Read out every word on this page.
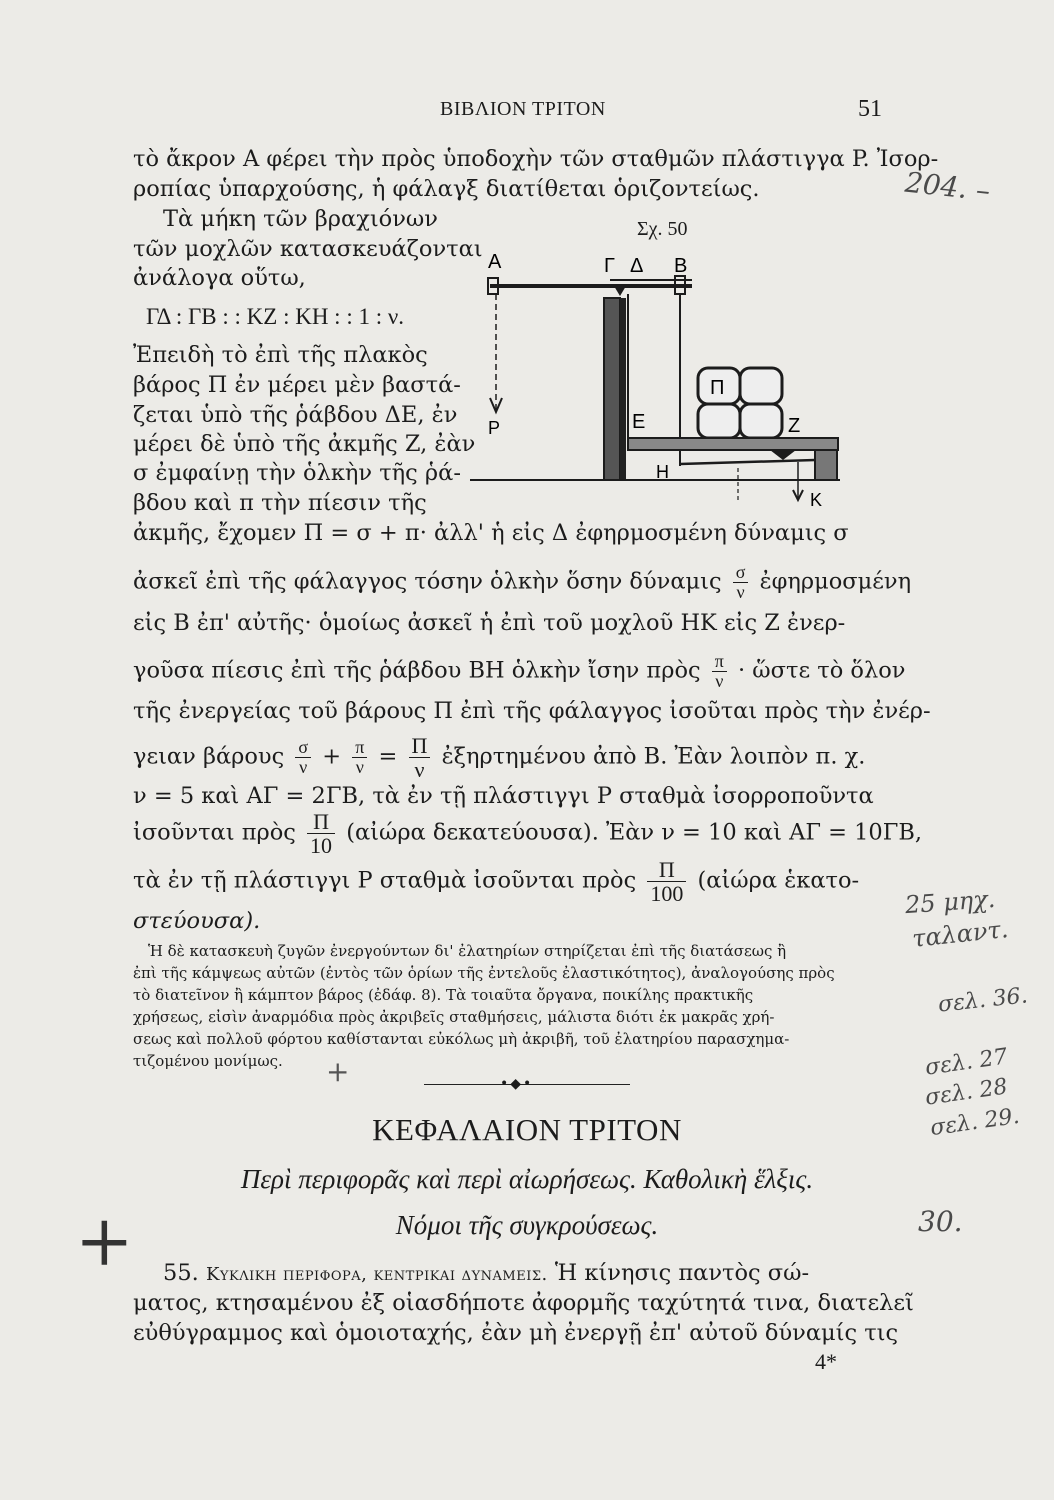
ΒΙΒΛΙΟΝ ΤΡΙΤΟΝ	51
τὸ ἄκρον A φέρει τὴν πρὸς ὑποδοχὴν τῶν σταθμῶν πλάστιγγα P. Ἰσορ-
ροπίας ὑπαρχούσης, ἡ φάλαγξ διατίθεται ὁριζοντείως.
Τὰ μήκη τῶν βραχιόνων
τῶν μοχλῶν κατασκευάζονται
ἀνάλογα οὕτω,
ΓΔ : ΓB : : KZ : KH : : 1 : ν.
Ἐπειδὴ τὸ ἐπὶ τῆς πλακὸς
βάρος Π ἐν μέρει μὲν βαστά-
ζεται ὑπὸ τῆς ῥάβδου ΔE, ἐν
μέρει δὲ ὑπὸ τῆς ἀκμῆς Z, ἐὰν
σ ἐμφαίνῃ τὴν ὁλκὴν τῆς ῥά-
βδου καὶ π τὴν πίεσιν τῆς
ἀκμῆς, ἔχομεν Π = σ + π· ἀλλ' ἡ εἰς Δ ἐφηρμοσμένη δύναμις σ
ἀσκεῖ ἐπὶ τῆς φάλαγγος τόσην ὁλκὴν ὅσην δύναμις $\frac{\sigma}{\nu}$ ἐφηρμοσμένη
εἰς B ἐπ' αὐτῆς· ὁμοίως ἀσκεῖ ἡ ἐπὶ τοῦ μοχλοῦ HK εἰς Z ἐνερ-
γοῦσα πίεσις ἐπὶ τῆς ῥάβδου BH ὁλκὴν ἴσην πρὸς $\frac{\pi}{\nu}$ · ὥστε τὸ ὅλον
τῆς ἐνεργείας τοῦ βάρους Π ἐπὶ τῆς φάλαγγος ἰσοῦται πρὸς τὴν ἐνέρ-
γειαν βάρους $\frac{\sigma}{\nu} + \frac{\pi}{\nu} = \frac{\Pi}{\nu}$ ἐξηρτημένου ἀπὸ B. Ἐὰν λοιπὸν π. χ.
ν = 5 καὶ AΓ = 2ΓB, τὰ ἐν τῇ πλάστιγγι P σταθμὰ ἰσορροποῦντα
ἰσοῦνται πρὸς $\frac{\Pi}{10}$ (αἰώρα δεκατεύουσα). Ἐὰν ν = 10 καὶ AΓ = 10ΓB,
τὰ ἐν τῇ πλάστιγγι P σταθμὰ ἰσοῦνται πρὸς $\frac{\Pi}{100}$ (αἰώρα ἑκατο-
στεύουσα).
Ἡ δὲ κατασκευὴ ζυγῶν ἐνεργούντων δι' ἐλατηρίων στηρίζεται ἐπὶ τῆς διατάσεως ἢ
ἐπὶ τῆς κάμψεως αὐτῶν (ἐντὸς τῶν ὁρίων τῆς ἐντελοῦς ἐλαστικότητος), ἀναλογούσης πρὸς
τὸ διατεῖνον ἢ κάμπτον βάρος (ἐδάφ. 8). Τὰ τοιαῦτα ὄργανα, ποικίλης πρακτικῆς
χρήσεως, εἰσὶν ἀναρμόδια πρὸς ἀκριβεῖς σταθμήσεις, μάλιστα διότι ἐκ μακρᾶς χρή-
σεως καὶ πολλοῦ φόρτου καθίστανται εὐκόλως μὴ ἀκριβῆ, τοῦ ἐλατηρίου παρασχημα-
τιζομένου μονίμως.
•◆•
ΚΕΦΑΛΑΙΟΝ ΤΡΙΤΟΝ
Περὶ περιφορᾶς καὶ περὶ αἰωρήσεως. Καθολικὴ ἕλξις.
Νόμοι τῆς συγκρούσεως.
55. Κυκλικη περιφορα, κεντρικαι δυναμεις. Ἡ κίνησις παντὸς σώ-
ματος, κτησαμένου ἐξ οἱασδήποτε ἀφορμῆς ταχύτητά τινα, διατελεῖ
εὐθύγραμμος καὶ ὁμοιοταχής, ἐὰν μὴ ἐνεργῇ ἐπ' αὐτοῦ δύναμίς τις
4*
Σχ. 50
A	Γ Δ B
Π
E	Z
H
K
P
204. –
25 μηχ.
ταλαντ.
σελ. 36.
σελ. 27
σελ. 28
σελ. 29.
30.
+
+
